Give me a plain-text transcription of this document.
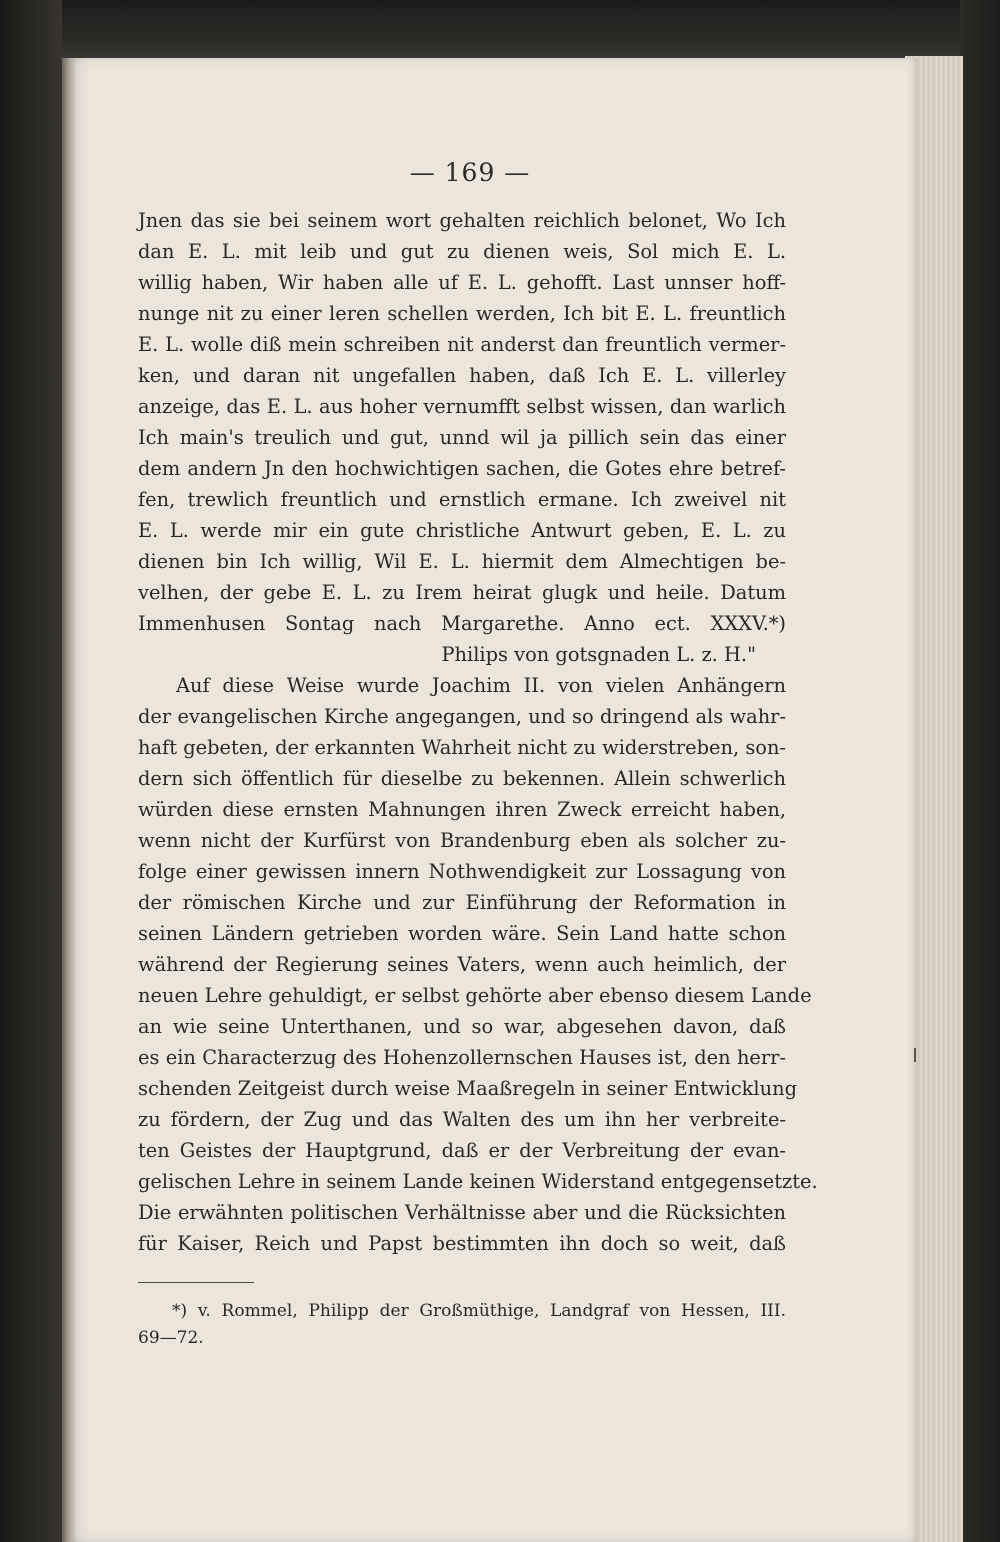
— 169 —
Jnen das sie bei seinem wort gehalten reichlich belonet, Wo Ich
dan E. L. mit leib und gut zu dienen weis, Sol mich E. L.
willig haben, Wir haben alle uf E. L. gehofft. Last unnser hoff-
nunge nit zu einer leren schellen werden, Ich bit E. L. freuntlich
E. L. wolle diß mein schreiben nit anderst dan freuntlich vermer-
ken, und daran nit ungefallen haben, daß Ich E. L. villerley
anzeige, das E. L. aus hoher vernumfft selbst wissen, dan warlich
Ich main's treulich und gut, unnd wil ja pillich sein das einer
dem andern Jn den hochwichtigen sachen, die Gotes ehre betref-
fen, trewlich freuntlich und ernstlich ermane. Ich zweivel nit
E. L. werde mir ein gute christliche Antwurt geben, E. L. zu
dienen bin Ich willig, Wil E. L. hiermit dem Almechtigen be-
velhen, der gebe E. L. zu Irem heirat glugk und heile. Datum
Immenhusen Sontag nach Margarethe. Anno ect. XXXV.*)
Philips von gotsgnaden L. z. H."
Auf diese Weise wurde Joachim II. von vielen Anhängern
der evangelischen Kirche angegangen, und so dringend als wahr-
haft gebeten, der erkannten Wahrheit nicht zu widerstreben, son-
dern sich öffentlich für dieselbe zu bekennen. Allein schwerlich
würden diese ernsten Mahnungen ihren Zweck erreicht haben,
wenn nicht der Kurfürst von Brandenburg eben als solcher zu-
folge einer gewissen innern Nothwendigkeit zur Lossagung von
der römischen Kirche und zur Einführung der Reformation in
seinen Ländern getrieben worden wäre. Sein Land hatte schon
während der Regierung seines Vaters, wenn auch heimlich, der
neuen Lehre gehuldigt, er selbst gehörte aber ebenso diesem Lande
an wie seine Unterthanen, und so war, abgesehen davon, daß
es ein Characterzug des Hohenzollernschen Hauses ist, den herr-
schenden Zeitgeist durch weise Maaßregeln in seiner Entwicklung
zu fördern, der Zug und das Walten des um ihn her verbreite-
ten Geistes der Hauptgrund, daß er der Verbreitung der evan-
gelischen Lehre in seinem Lande keinen Widerstand entgegensetzte.
Die erwähnten politischen Verhältnisse aber und die Rücksichten
für Kaiser, Reich und Papst bestimmten ihn doch so weit, daß
*) v. Rommel, Philipp der Großmüthige, Landgraf von Hessen, III.
69—72.
